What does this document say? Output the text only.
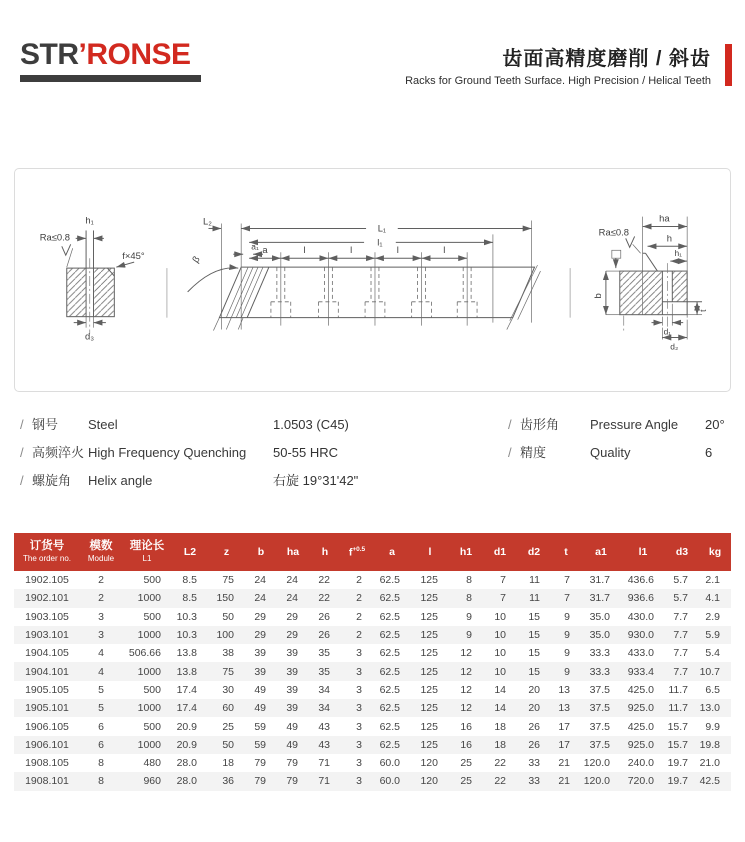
STR’RONSE	齿面高精度磨削 / 斜齿
Racks for Ground Teeth Surface. High Precision / Helical Teeth
h₁
Ra≤0.8
f×45°
d₃
L₂
L₁
l₁
a₁ a	l	l	l	l
β
ha
h
h₁
Ra≤0.8
t
b
d₁
d₂
/ 钢号	Steel	1.0503 (C45)
/ 高频淬火 High Frequency Quenching	50-55 HRC
/ 螺旋角	Helix angle	右旋 19°31'42"
/ 齿形角	Pressure Angle	20°
/ 精度	Quality	6
订货号
The order no.

模数
Module

理论长
L1
	L2	z	b	ha	h	$f^{+0.5}$	a	l	h1	d1	d2	t	a1	l1	d3	kg
1902.105	2	500	8.5	75	24	24	22	2	62.5	125	8	7	11	7	31.7	436.6	5.7	2.1
1902.101	2	1000	8.5	150	24	24	22	2	62.5	125	8	7	11	7	31.7	936.6	5.7	4.1
1903.105	3	500	10.3	50	29	29	26	2	62.5	125	9	10	15	9	35.0	430.0	7.7	2.9
1903.101	3	1000	10.3	100	29	29	26	2	62.5	125	9	10	15	9	35.0	930.0	7.7	5.9
1904.105	4	506.66	13.8	38	39	39	35	3	62.5	125	12	10	15	9	33.3	433.0	7.7	5.4
1904.101	4	1000	13.8	75	39	39	35	3	62.5	125	12	10	15	9	33.3	933.4	7.7	10.7
1905.105	5	500	17.4	30	49	39	34	3	62.5	125	12	14	20	13	37.5	425.0	11.7	6.5
1905.101	5	1000	17.4	60	49	39	34	3	62.5	125	12	14	20	13	37.5	925.0	11.7	13.0
1906.105	6	500	20.9	25	59	49	43	3	62.5	125	16	18	26	17	37.5	425.0	15.7	9.9
1906.101	6	1000	20.9	50	59	49	43	3	62.5	125	16	18	26	17	37.5	925.0	15.7	19.8
1908.105	8	480	28.0	18	79	79	71	3	60.0	120	25	22	33	21	120.0	240.0	19.7	21.0
1908.101	8	960	28.0	36	79	79	71	3	60.0	120	25	22	33	21	120.0	720.0	19.7	42.5
